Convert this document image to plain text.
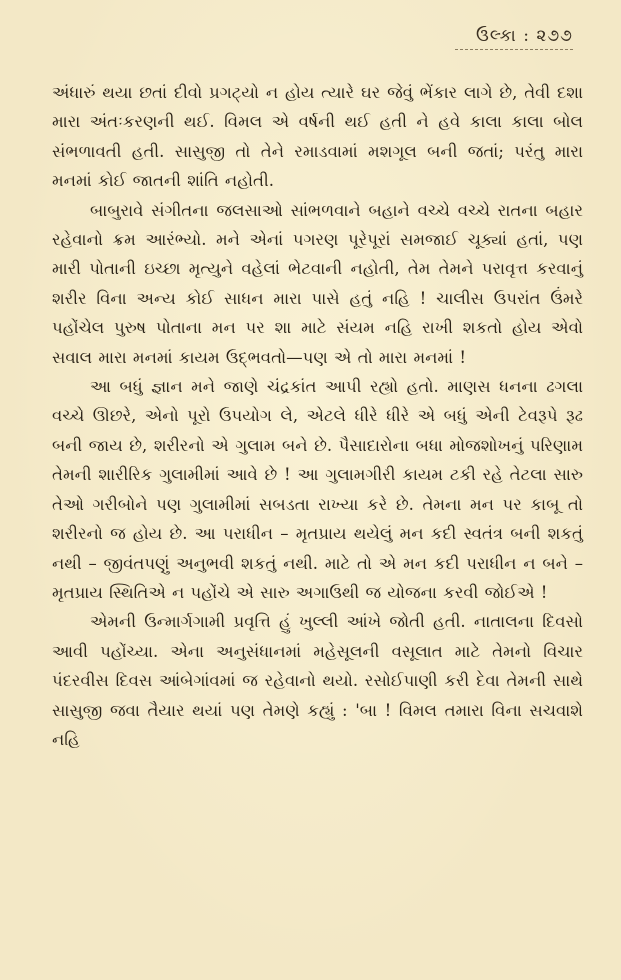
ઉલ્કા : ૨૭૭

અંધારું થયા છતાં દીવો પ્રગટ્યો ન હોય ત્યારે ઘર જેવું ભેંકાર લાગે છે, તેવી દશા મારા અંતઃકરણની થઈ. વિમલ એ વર્ષની થઈ હતી ને હવે કાલા કાલા બોલ સંભળાવતી હતી. સાસુજી તો તેને રમાડવામાં મશગૂલ બની જતાં; પરંતુ મારા મનમાં કોઈ જાતની શાંતિ નહોતી.

બાબુરાવે સંગીતના જલસાઓ સાંભળવાને બહાને વચ્ચે વચ્ચે રાતના બહાર રહેવાનો ક્રમ આરંભ્યો. મને એનાં પગરણ પૂરેપૂરાં સમજાઈ ચૂક્યાં હતાં, પણ મારી પોતાની ઇચ્છા મૃત્યુને વહેલાં ભેટવાની નહોતી, તેમ તેમને પરાવૃત્ત કરવાનું શરીર વિના અન્ય કોઈ સાધન મારા પાસે હતું નહિ ! ચાલીસ ઉપરાંત ઉંમરે પહોંચેલ પુરુષ પોતાના મન પર શા માટે સંયમ નહિ રાખી શકતો હોય એવો સવાલ મારા મનમાં કાયમ ઉદ્ભવતો—પણ એ તો મારા મનમાં !

આ બધું જ્ઞાન મને જાણે ચંદ્રકાંત આપી રહ્યો હતો. માણસ ધનના ઢગલા વચ્ચે ઊછરે, એનો પૂરો ઉપયોગ લે, એટલે ધીરે ધીરે એ બધું એની ટેવરૂપે રૂઢ બની જાય છે, શરીરનો એ ગુલામ બને છે. પૈસાદારોના બધા મોજશોખનું પરિણામ તેમની શારીરિક ગુલામીમાં આવે છે ! આ ગુલામગીરી કાયમ ટકી રહે તેટલા સારુ તેઓ ગરીબોને પણ ગુલામીમાં સબડતા રાખ્યા કરે છે. તેમના મન પર કાબૂ તો શરીરનો જ હોય છે. આ પરાધીન – મૃતપ્રાય થયેલું મન કદી સ્વતંત્ર બની શકતું નથી – જીવંતપણું અનુભવી શકતું નથી. માટે તો એ મન કદી પરાધીન ન બને – મૃતપ્રાય સ્થિતિએ ન પહોંચે એ સારુ અગાઉથી જ યોજના કરવી જોઈએ !

એમની ઉન્માર્ગગામી પ્રવૃત્તિ હું ખુલ્લી આંખે જોતી હતી. નાતાલના દિવસો આવી પહોંચ્યા. એના અનુસંધાનમાં મહેસૂલની વસૂલાત માટે તેમનો વિચાર પંદરવીસ દિવસ આંબેગાંવમાં જ રહેવાનો થયો. રસોઈપાણી કરી દેવા તેમની સાથે સાસુજી જવા તૈયાર થયાં પણ તેમણે કહ્યું : 'બા ! વિમલ તમારા વિના સચવાશે નહિ
